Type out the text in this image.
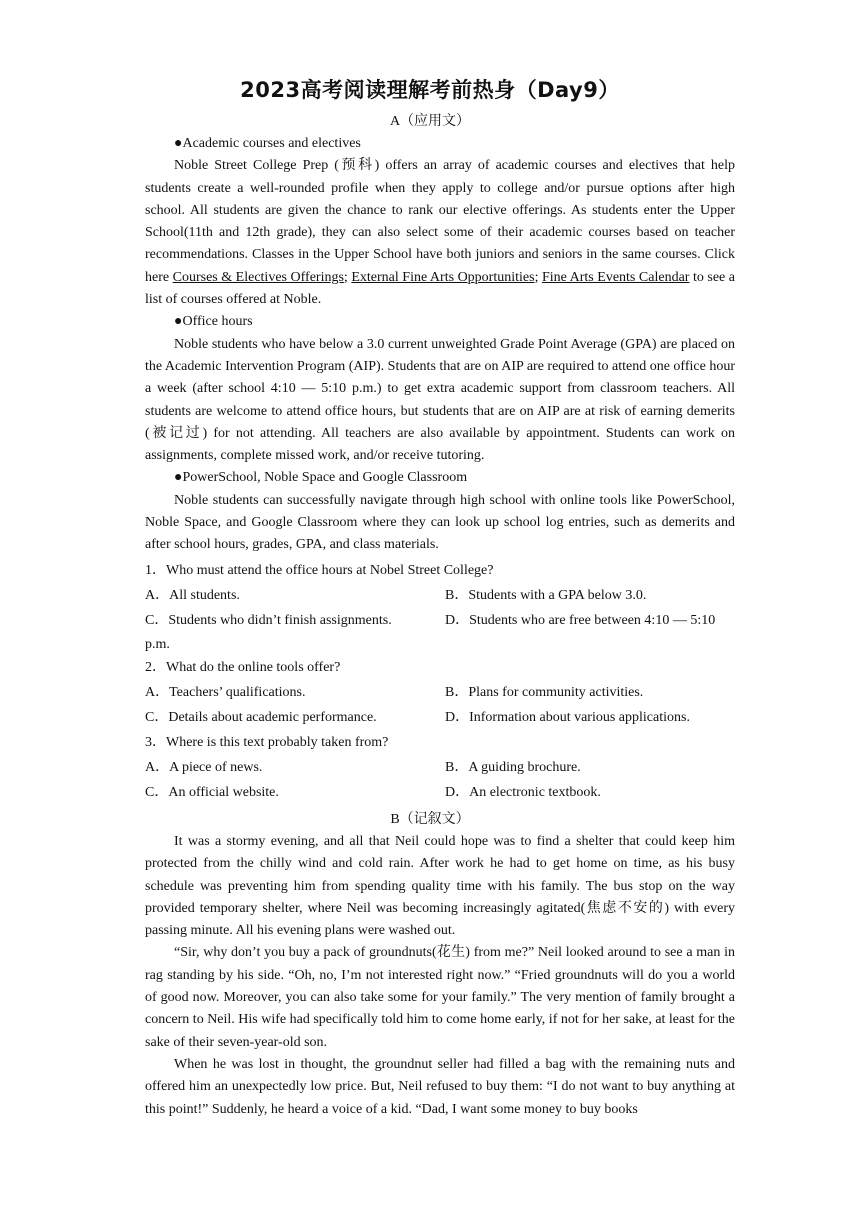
2023高考阅读理解考前热身（Day9）
A（应用文）

●Academic courses and electives

Noble Street College Prep (预科) offers an array of academic courses and electives that help students create a well-rounded profile when they apply to college and/or pursue options after high school. All students are given the chance to rank our elective offerings. As students enter the Upper School(11th and 12th grade), they can also select some of their academic courses based on teacher recommendations. Classes in the Upper School have both juniors and seniors in the same courses. Click here Courses & Electives Offerings; External Fine Arts Opportunities; Fine Arts Events Calendar to see a list of courses offered at Noble.

●Office hours

Noble students who have below a 3.0 current unweighted Grade Point Average (GPA) are placed on the Academic Intervention Program (AIP). Students that are on AIP are required to attend one office hour a week (after school 4:10 — 5:10 p.m.) to get extra academic support from classroom teachers. All students are welcome to attend office hours, but students that are on AIP are at risk of earning demerits (被记过) for not attending. All teachers are also available by appointment. Students can work on assignments, complete missed work, and/or receive tutoring.

●PowerSchool, Noble Space and Google Classroom

Noble students can successfully navigate through high school with online tools like PowerSchool, Noble Space, and Google Classroom where they can look up school log entries, such as demerits and after school hours, grades, GPA, and class materials.

1．Who must attend the office hours at Nobel Street College?
A．All students.	B．Students with a GPA below 3.0.
C．Students who didn’t finish assignments.	D．Students who are free between 4:10 — 5:10
p.m.
2．What do the online tools offer?
A．Teachers’ qualifications.	B．Plans for community activities.
C．Details about academic performance.	D．Information about various applications.
3．Where is this text probably taken from?
A．A piece of news.	B．A guiding brochure.
C．An official website.	D．An electronic textbook.
B（记叙文）

It was a stormy evening, and all that Neil could hope was to find a shelter that could keep him protected from the chilly wind and cold rain. After work he had to get home on time, as his busy schedule was preventing him from spending quality time with his family. The bus stop on the way provided temporary shelter, where Neil was becoming increasingly agitated(焦虑不安的) with every passing minute. All his evening plans were washed out.

“Sir, why don’t you buy a pack of groundnuts(花生) from me?” Neil looked around to see a man in rag standing by his side. “Oh, no, I’m not interested right now.” “Fried groundnuts will do you a world of good now. Moreover, you can also take some for your family.” The very mention of family brought a concern to Neil. His wife had specifically told him to come home early, if not for her sake, at least for the sake of their seven-year-old son.

When he was lost in thought, the groundnut seller had filled a bag with the remaining nuts and offered him an unexpectedly low price. But, Neil refused to buy them: “I do not want to buy anything at this point!” Suddenly, he heard a voice of a kid. “Dad, I want some money to buy books
